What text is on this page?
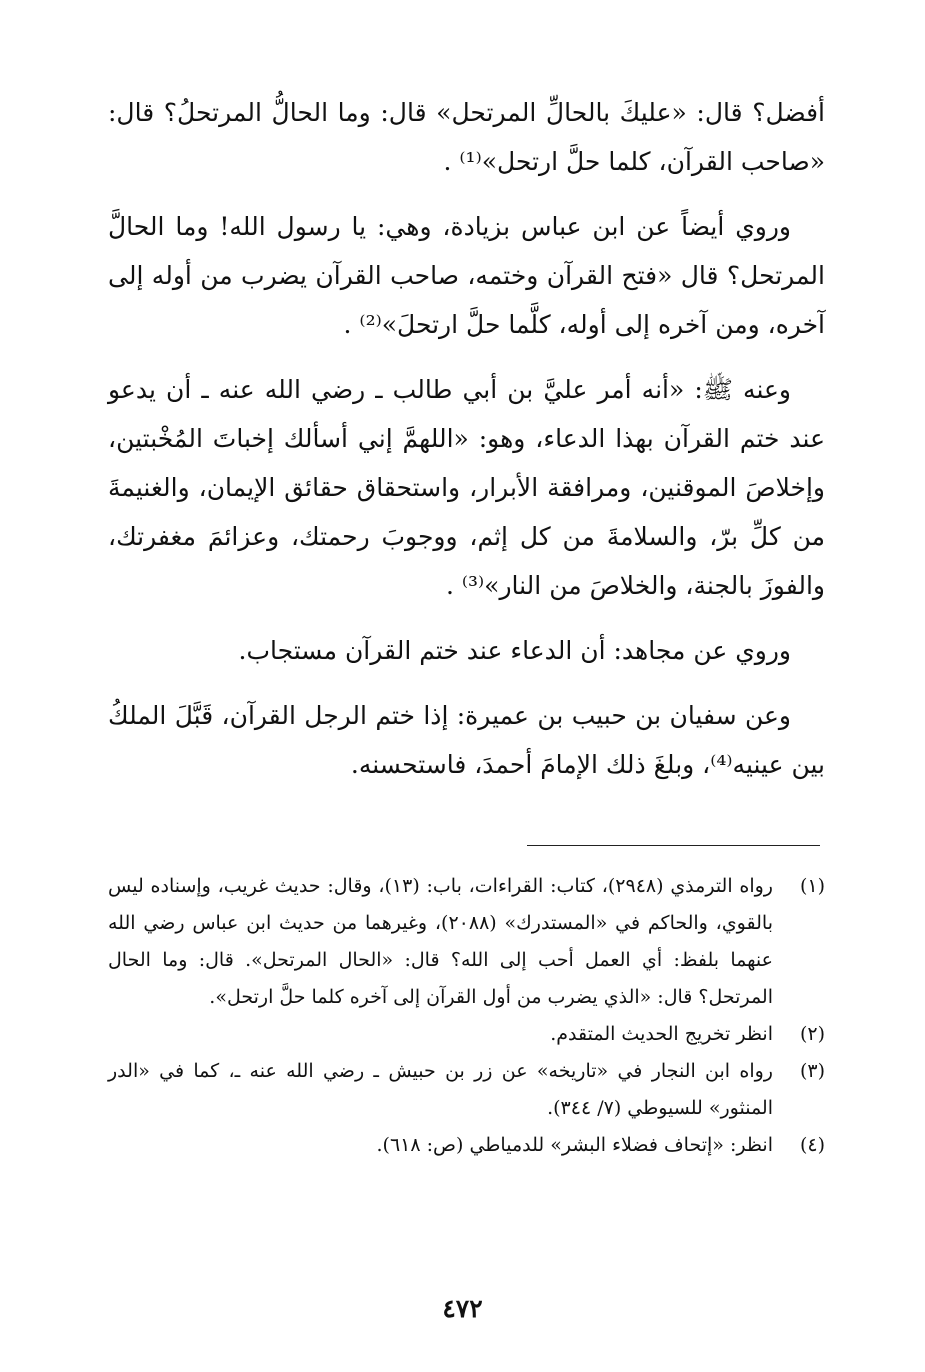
أفضل؟ قال: «عليكَ بالحالِّ المرتحل» قال: وما الحالُّ المرتحلُ؟ قال: «صاحب القرآن، كلما حلَّ ارتحل»⁽¹⁾ .

وروي أيضاً عن ابن عباس بزيادة، وهي: يا رسول الله! وما الحالَّ المرتحل؟ قال «فتح القرآن وختمه، صاحب القرآن يضرب من أوله إلى آخره، ومن آخره إلى أوله، كلَّما حلَّ ارتحلَ»⁽²⁾ .

وعنه ﷺ: «أنه أمر عليَّ بن أبي طالب ـ رضي الله عنه ـ أن يدعو عند ختم القرآن بهذا الدعاء، وهو: «اللهمَّ إني أسألك إخباتَ المُخْبتين، وإخلاصَ الموقنين، ومرافقة الأبرار، واستحقاق حقائق الإيمان، والغنيمةَ من كلِّ برّ، والسلامةَ من كل إثم، ووجوبَ رحمتك، وعزائمَ مغفرتك، والفوزَ بالجنة، والخلاصَ من النار»⁽³⁾ .

وروي عن مجاهد: أن الدعاء عند ختم القرآن مستجاب.

وعن سفيان بن حبيب بن عميرة: إذا ختم الرجل القرآن، قَبَّلَ الملكُ بين عينيه⁽⁴⁾، وبلغَ ذلك الإمامَ أحمدَ، فاستحسنه.

(١)
رواه الترمذي (٢٩٤٨)، كتاب: القراءات، باب: (١٣)، وقال: حديث غريب، وإسناده ليس بالقوي، والحاكم في «المستدرك» (٢٠٨٨)، وغيرهما من حديث ابن عباس رضي الله عنهما بلفظ: أي العمل أحب إلى الله؟ قال: «الحال المرتحل». قال: وما الحال المرتحل؟ قال: «الذي يضرب من أول القرآن إلى آخره كلما حلَّ ارتحل».
(٢)
انظر تخريج الحديث المتقدم.
(٣)
رواه ابن النجار في «تاريخه» عن زر بن حبيش ـ رضي الله عنه ـ، كما في «الدر المنثور» للسيوطي (٧/ ٣٤٤).
(٤)
انظر: «إتحاف فضلاء البشر» للدمياطي (ص: ٦١٨).
٤٧٢
